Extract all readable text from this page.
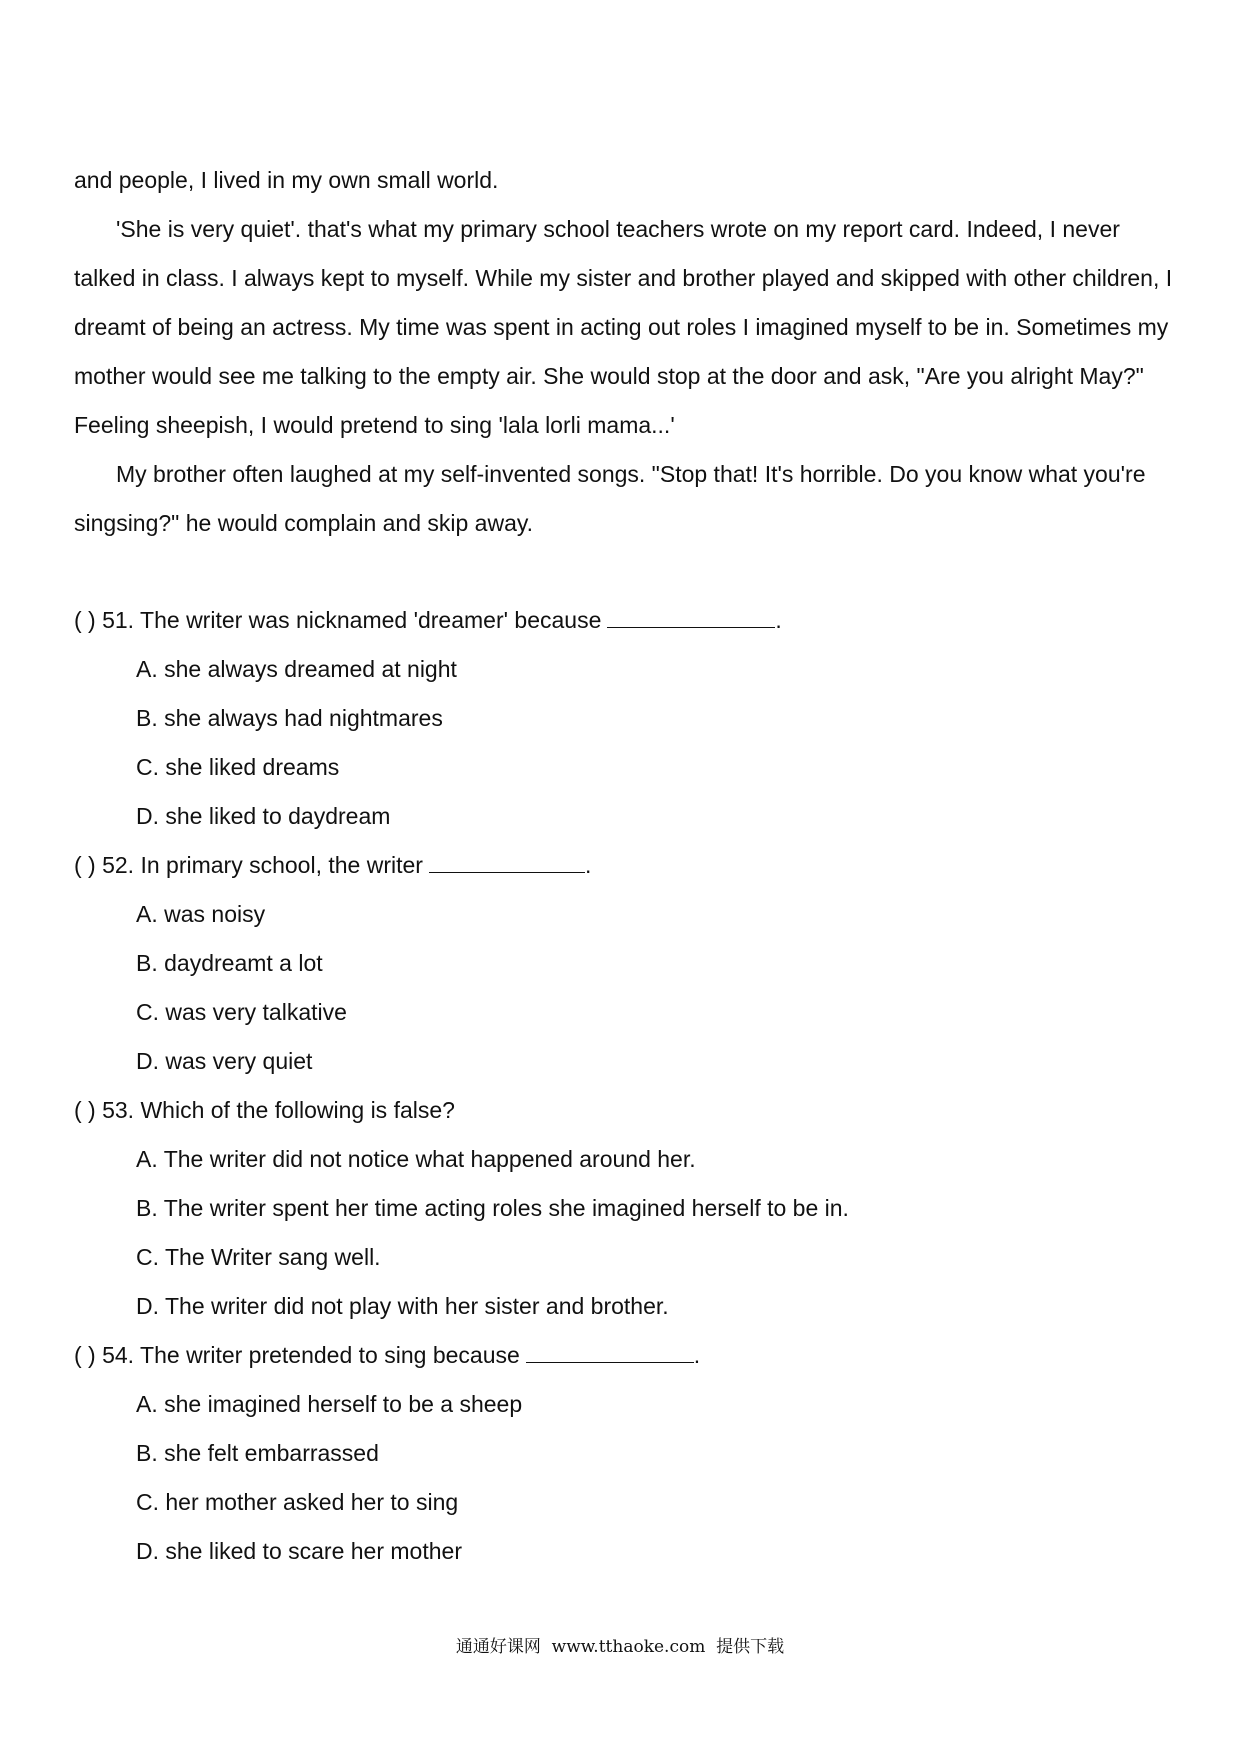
and people, I lived in my own small world.

'She is very quiet'. that's what my primary school teachers wrote on my report card. Indeed, I never talked in class. I always kept to myself. While my sister and brother played and skipped with other children, I dreamt of being an actress. My time was spent in acting out roles I imagined myself to be in. Sometimes my mother would see me talking to the empty air. She would stop at the door and ask, "Are you alright May?" Feeling sheepish, I would pretend to sing 'lala lorli mama...'

My brother often laughed at my self-invented songs. "Stop that! It's horrible. Do you know what you're singsing?" he would complain and skip away.

( ) 51. The writer was nicknamed 'dreamer' because	.

A. she always dreamed at night

B. she always had nightmares

C. she liked dreams

D. she liked to daydream

( ) 52. In primary school, the writer	.

A. was noisy

B. daydreamt a lot

C. was very talkative

D. was very quiet

( ) 53. Which of the following is false?

A. The writer did not notice what happened around her.

B. The writer spent her time acting roles she imagined herself to be in.

C. The Writer sang well.

D. The writer did not play with her sister and brother.

( ) 54. The writer pretended to sing because	.

A. she imagined herself to be a sheep

B. she felt embarrassed

C. her mother asked her to sing

D. she liked to scare her mother

通通好课网  www.tthaoke.com  提供下载
